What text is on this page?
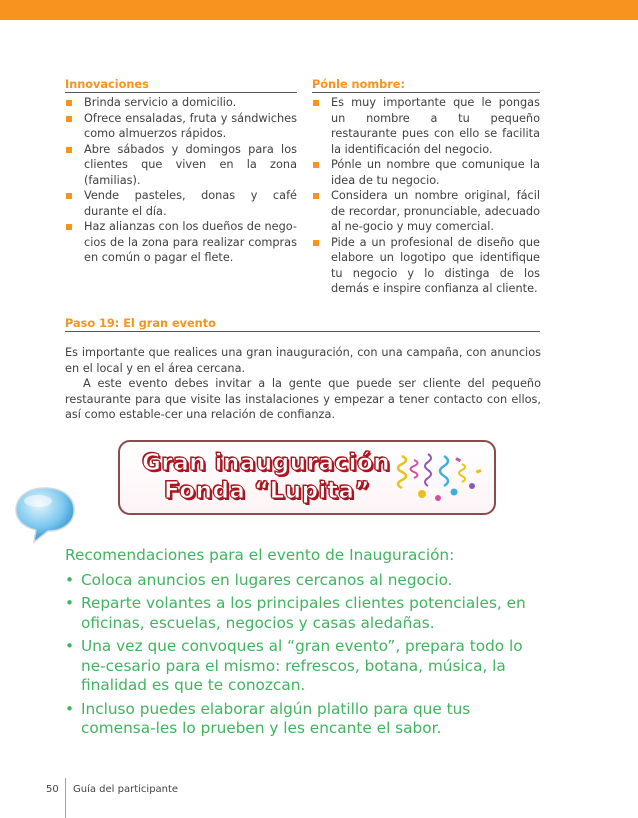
Innovaciones
Brinda servicio a domicilio.
Ofrece ensaladas, fruta y sándwiches como almuerzos rápidos.
Abre sábados y domingos para los clientes que viven en la zona (familias).
Vende pasteles, donas y café durante el día.
Haz alianzas con los dueños de nego-cios de la zona para realizar compras en común o pagar el flete.
Pónle nombre:
Es muy importante que le pongas un nombre a tu pequeño restaurante pues con ello se facilita la identificación del negocio.
Pónle un nombre que comunique la idea de tu negocio.
Considera un nombre original, fácil de recordar, pronunciable, adecuado al ne-gocio y muy comercial.
Pide a un profesional de diseño que elabore un logotipo que identifique tu negocio y lo distinga de los demás e inspire confianza al cliente.
Paso 19: El gran evento

Es importante que realices una gran inauguración, con una campaña, con anuncios en el local y en el área cercana.

A este evento debes invitar a la gente que puede ser cliente del pequeño restaurante para que visite las instalaciones y empezar a tener contacto con ellos, así como estable-cer una relación de confianza.

Gran inauguración
Fonda “Lupita”
Recomendaciones para el evento de Inauguración:
• Coloca anuncios en lugares cercanos al negocio.
• Reparte volantes a los principales clientes potenciales, en oficinas, escuelas, negocios y casas aledañas.
• Una vez que convoques al “gran evento”, prepara todo lo ne-cesario para el mismo: refrescos, botana, música, la finalidad es que te conozcan.
• Incluso puedes elaborar algún platillo para que tus comensa-les lo prueben y les encante el sabor.
50 Guía del participante
